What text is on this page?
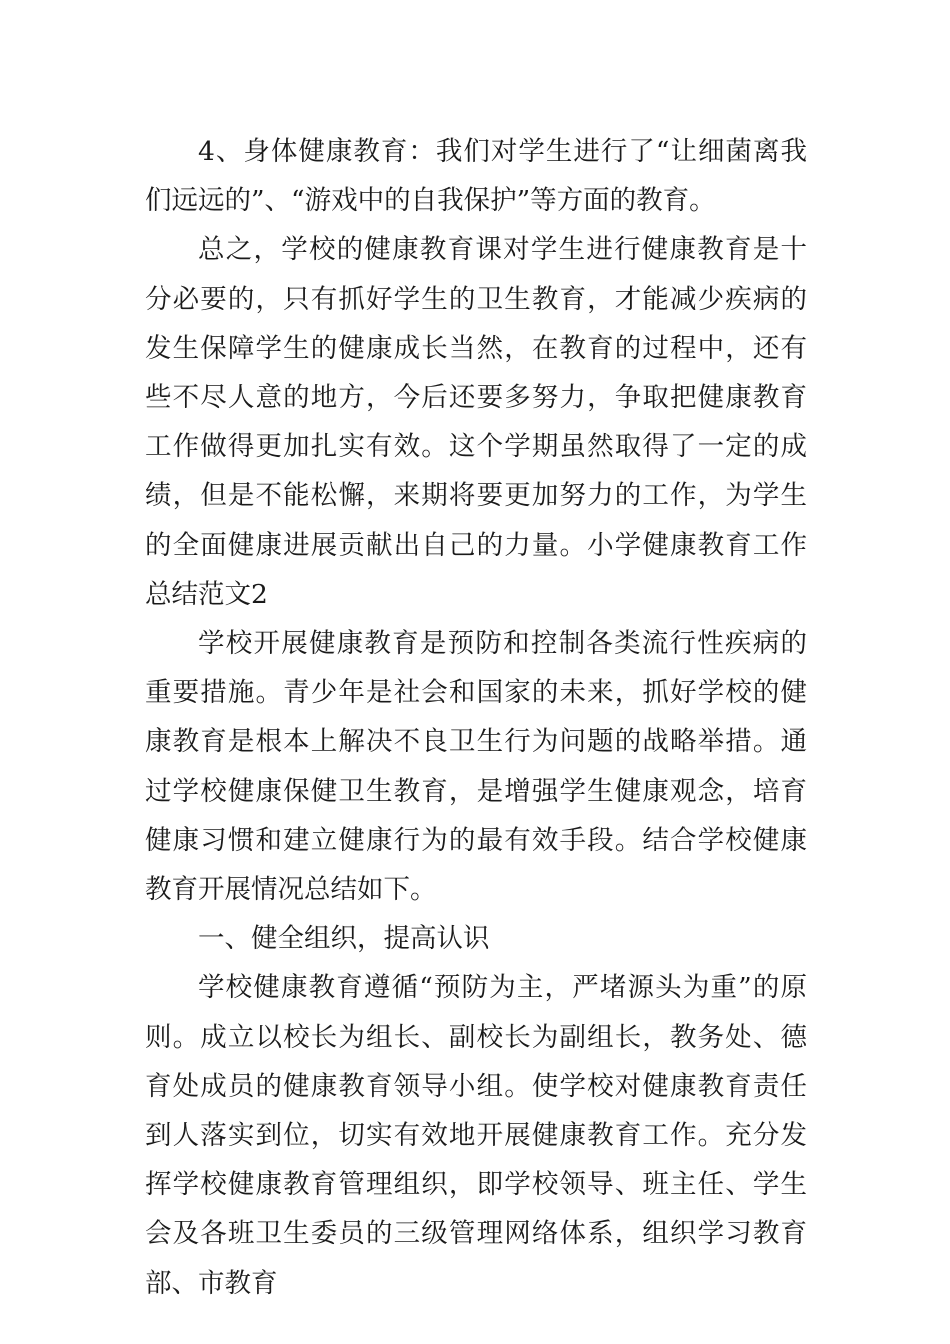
4、身体健康教育：我们对学生进行了“让细菌离我们远远的”、“游戏中的自我保护”等方面的教育。

总之，学校的健康教育课对学生进行健康教育是十分必要的，只有抓好学生的卫生教育，才能减少疾病的发生保障学生的健康成长当然，在教育的过程中，还有些不尽人意的地方，今后还要多努力，争取把健康教育工作做得更加扎实有效。这个学期虽然取得了一定的成绩，但是不能松懈，来期将要更加努力的工作，为学生的全面健康进展贡献出自己的力量。小学健康教育工作总结范文2

学校开展健康教育是预防和控制各类流行性疾病的重要措施。青少年是社会和国家的未来，抓好学校的健康教育是根本上解决不良卫生行为问题的战略举措。通过学校健康保健卫生教育，是增强学生健康观念，培育健康习惯和建立健康行为的最有效手段。结合学校健康教育开展情况总结如下。

一、健全组织，提高认识

学校健康教育遵循“预防为主，严堵源头为重”的原则。成立以校长为组长、副校长为副组长，教务处、德育处成员的健康教育领导小组。使学校对健康教育责任到人落实到位，切实有效地开展健康教育工作。充分发挥学校健康教育管理组织，即学校领导、班主任、学生会及各班卫生委员的三级管理网络体系，组织学习教育部、市教育
